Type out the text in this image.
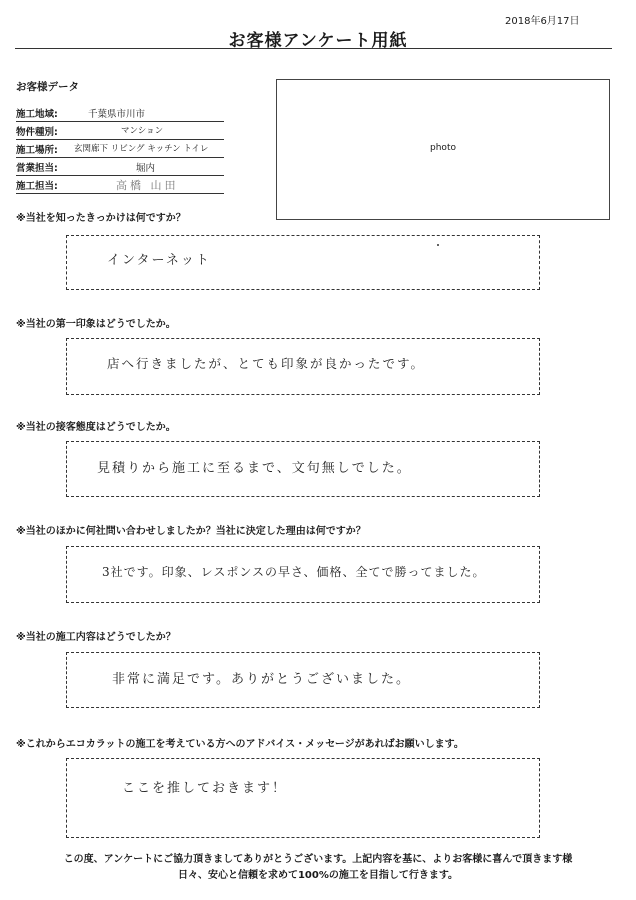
2018年6月17日
お客様アンケート用紙
お客様データ
施工地域:	千葉県市川市
物件種別:	マンション
施工場所: 玄関廊下 リビング キッチン トイレ
営業担当:	堀内
施工担当:	高橋 山田
photo
※当社を知ったきっかけは何ですか？
インターネット
※当社の第一印象はどうでしたか。
店へ行きましたが、とても印象が良かったです。
※当社の接客態度はどうでしたか。
見積りから施工に至るまで、文句無しでした。
※当社のほかに何社問い合わせしましたか？当社に決定した理由は何ですか？
3社です。印象、レスポンスの早さ、価格、全てで勝ってました。
※当社の施工内容はどうでしたか？
非常に満足です。ありがとうございました。
※これからエコカラットの施工を考えている方へのアドバイス・メッセージがあればお願いします。
ここを推しておきます！
この度、アンケートにご協力頂きましてありがとうございます。上記内容を基に、よりお客様に喜んで頂きます様
日々、安心と信頼を求めて100%の施工を目指して行きます。
